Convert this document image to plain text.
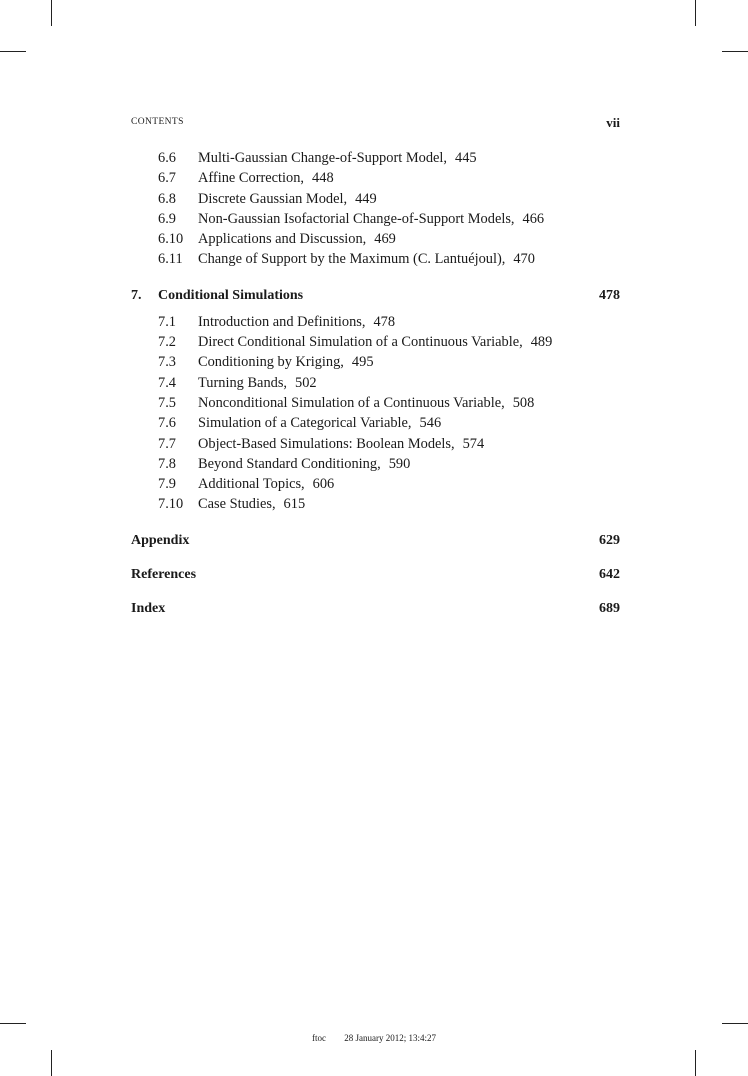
CONTENTS	vii
6.6 Multi-Gaussian Change-of-Support Model, 445
6.7 Affine Correction, 448
6.8 Discrete Gaussian Model, 449
6.9 Non-Gaussian Isofactorial Change-of-Support Models, 466
6.10 Applications and Discussion, 469
6.11 Change of Support by the Maximum (C. Lantuéjoul), 470
7. Conditional Simulations	478
7.1 Introduction and Definitions, 478
7.2 Direct Conditional Simulation of a Continuous Variable, 489
7.3 Conditioning by Kriging, 495
7.4 Turning Bands, 502
7.5 Nonconditional Simulation of a Continuous Variable, 508
7.6 Simulation of a Categorical Variable, 546
7.7 Object-Based Simulations: Boolean Models, 574
7.8 Beyond Standard Conditioning, 590
7.9 Additional Topics, 606
7.10 Case Studies, 615
Appendix	629
References	642
Index	689
ftoc 28 January 2012; 13:4:27
